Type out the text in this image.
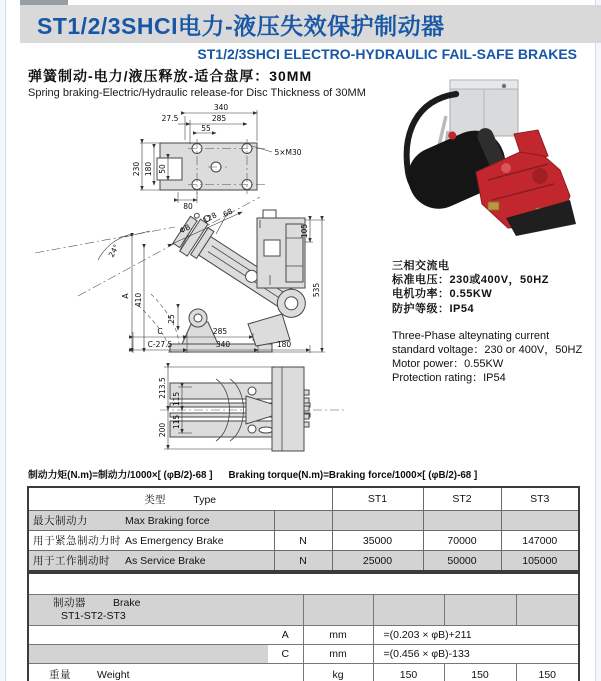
ST1/2/3SHCI电力-液压失效保护制动器
ST1/2/3SHCI ELECTRO-HYDRAULIC FAIL-SAFE BRAKES
弹簧制动-电力/液压释放-适合盘厚：30MM
Spring braking-Electric/Hydraulic release-for Disc Thickness of 30MM
340
27.5	285
55
230 180 50
80
5×M30
A 410
24°
ΦB
128 68
25
105
535
C	285
C-27.5	340	180
213.5
115
115
200
三相交流电
标准电压：230或400V，50HZ
电机功率：0.55KW
防护等级：IP54
Three-Phase alteynating current
standard voltage：230 or 400V，50HZ
Motor power：0.55KW
Protection rating：IP54
制动力矩(N.m)=制动力/1000×[ (φB/2)-68 ] Braking torque(N.m)=Braking force/1000×[ (φB/2)-68 ]
类型 Type		ST1	ST2	ST3
最大制动力 Max Braking force				
用于紧急制动力时 As Emergency Brake	N	35000	70000	147000
用于工作制动时 As Service Brake	N	25000	50000	105000

制动器 Brake
ST1-ST2-ST3					

	A	mm	=(0.203 × φB)+211		
	C	mm	=(0.456 × φB)-133		
重量 Weight		kg	150	150	150
